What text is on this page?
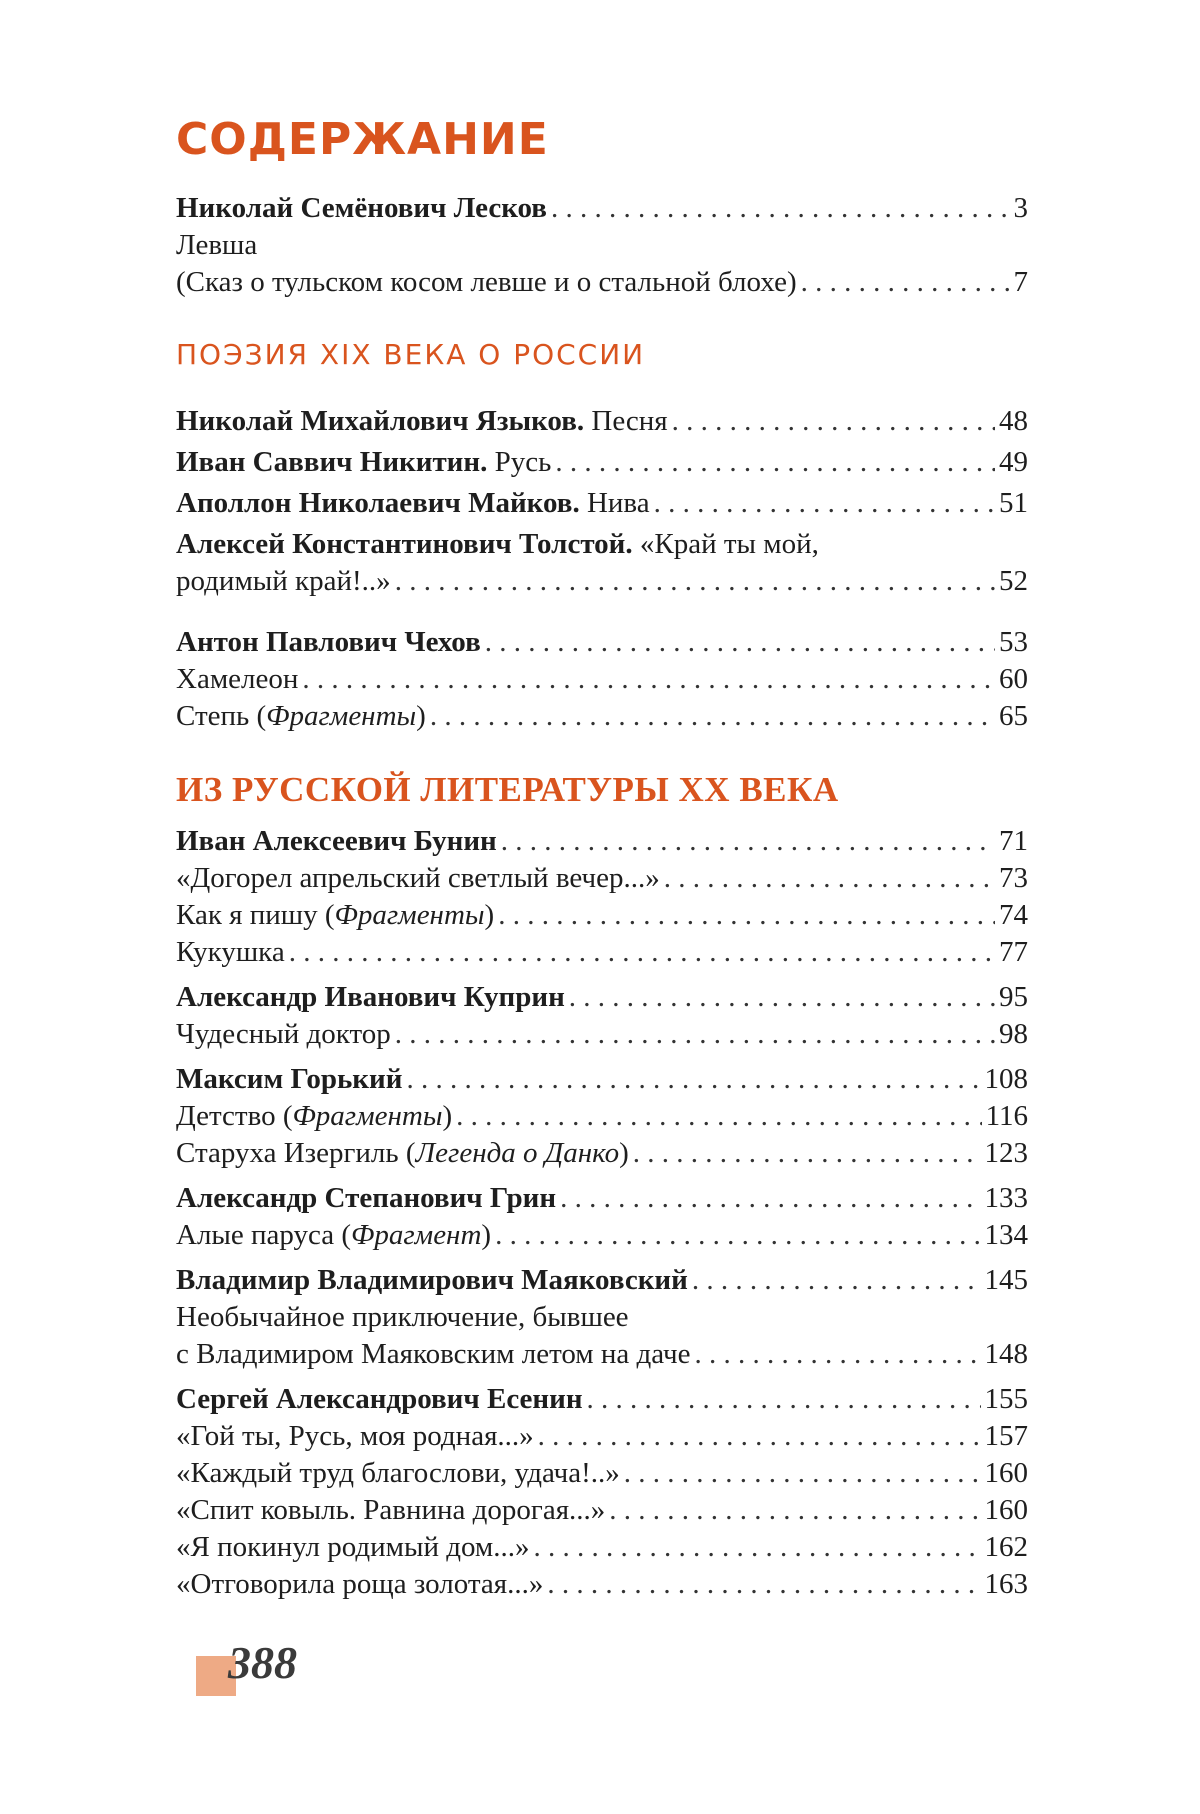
СОДЕРЖАНИЕ
Николай Семёнович Лесков . . .	3
Левша
(Сказ о тульском косом левше и о стальной блохе) . . .	7
ПОЭЗИЯ XIX ВЕКА О РОССИИ
Николай Михайлович Языков. Песня . . .	48
Иван Саввич Никитин. Русь . . .	49
Аполлон Николаевич Майков. Нива . . .	51
Алексей Константинович Толстой. «Край ты мой,
родимый край!..» . . .	52
Антон Павлович Чехов . . .	53
Хамелеон . . .	60
Степь (Фрагменты) . . .	65
ИЗ РУССКОЙ ЛИТЕРАТУРЫ XX ВЕКА
Иван Алексеевич Бунин . . .	71
«Догорел апрельский светлый вечер...» . . .	73
Как я пишу (Фрагменты) . . .	74
Кукушка . . .	77
Александр Иванович Куприн . . .	95
Чудесный доктор . . .	98
Максим Горький . . .	108
Детство (Фрагменты) . . .	116
Старуха Изергиль (Легенда о Данко) . . .	123
Александр Степанович Грин . . .	133
Алые паруса (Фрагмент) . . .	134
Владимир Владимирович Маяковский . . .	145
Необычайное приключение, бывшее
с Владимиром Маяковским летом на даче . . .	148
Сергей Александрович Есенин . . .	155
«Гой ты, Русь, моя родная...» . . .	157
«Каждый труд благослови, удача!..» . . .	160
«Спит ковыль. Равнина дорогая...» . . .	160
«Я покинул родимый дом...» . . .	162
«Отговорила роща золотая...» . . .	163
388
